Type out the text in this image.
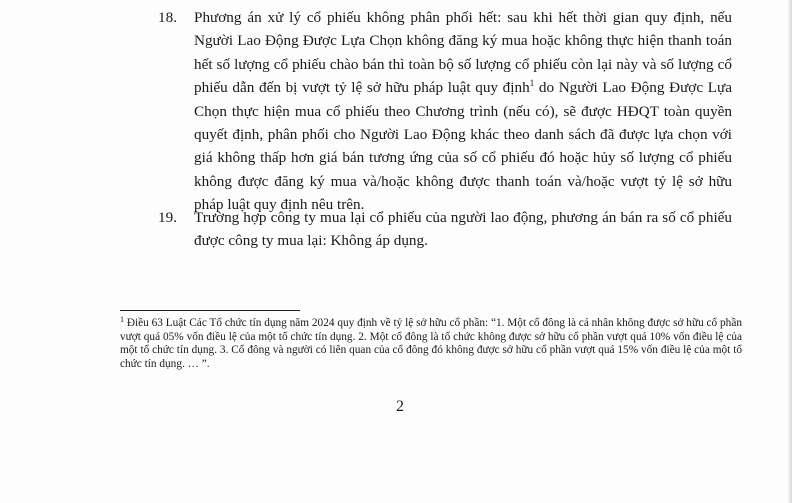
18. Phương án xử lý cổ phiếu không phân phối hết: sau khi hết thời gian quy định, nếu Người Lao Động Được Lựa Chọn không đăng ký mua hoặc không thực hiện thanh toán hết số lượng cổ phiếu chào bán thì toàn bộ số lượng cổ phiếu còn lại này và số lượng cổ phiếu dẫn đến bị vượt tỷ lệ sở hữu pháp luật quy định$^1$ do Người Lao Động Được Lựa Chọn thực hiện mua cổ phiếu theo Chương trình (nếu có), sẽ được HĐQT toàn quyền quyết định, phân phối cho Người Lao Động khác theo danh sách đã được lựa chọn với giá không thấp hơn giá bán tương ứng của số cổ phiếu đó hoặc hủy số lượng cổ phiếu không được đăng ký mua và/hoặc không được thanh toán và/hoặc vượt tỷ lệ sở hữu pháp luật quy định nêu trên.
19. Trường hợp công ty mua lại cổ phiếu của người lao động, phương án bán ra số cổ phiếu được công ty mua lại: Không áp dụng.
$^1$ Điều 63 Luật Các Tổ chức tín dụng năm 2024 quy định về tỷ lệ sở hữu cổ phần: “1. Một cổ đông là cá nhân không được sở hữu cổ phần vượt quá 05% vốn điều lệ của một tổ chức tín dụng. 2. Một cổ đông là tổ chức không được sở hữu cổ phần vượt quá 10% vốn điều lệ của một tổ chức tín dụng. 3. Cổ đông và người có liên quan của cổ đông đó không được sở hữu cổ phần vượt quá 15% vốn điều lệ của một tổ chức tín dụng. … ”.
2
